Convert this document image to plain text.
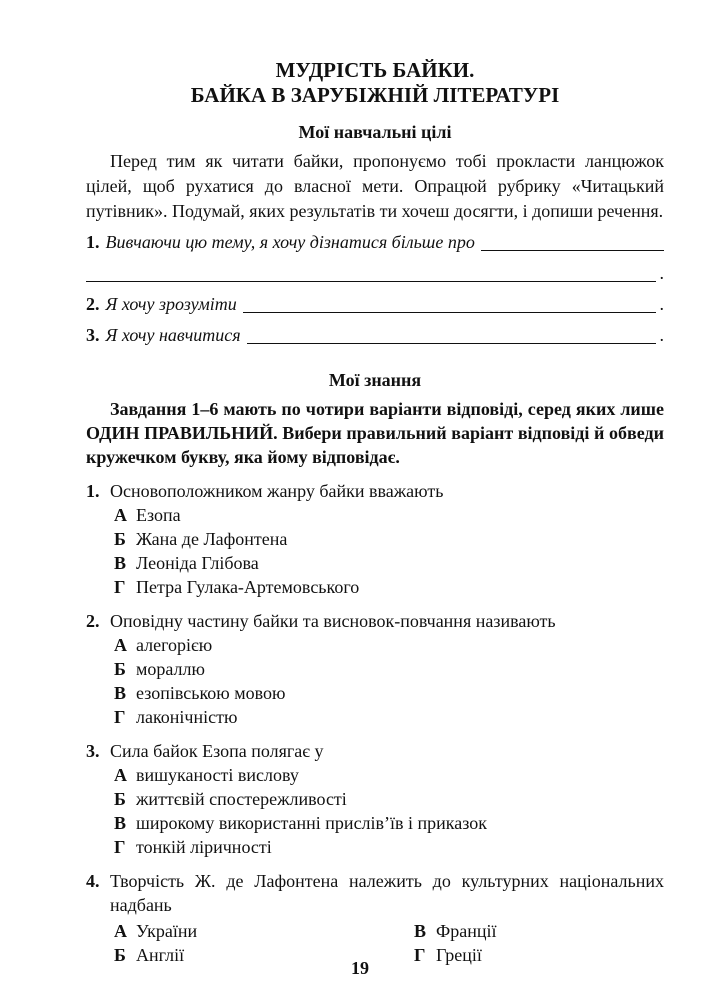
МУДРІСТЬ БАЙКИ.
БАЙКА В ЗАРУБІЖНІЙ ЛІТЕРАТУРІ
Мої навчальні цілі
Перед тим як читати байки, пропонуємо тобі прокласти ланцюжок цілей, щоб рухатися до власної мети. Опрацюй рубрику «Читацький путівник». Подумай, яких результатів ти хочеш досягти, і допиши речення.
1. Вивчаючи цю тему, я хочу дізнатися більше про
.
2. Я хочу зрозуміти	.
3. Я хочу навчитися	.
Мої знання
Завдання 1–6 мають по чотири варіанти відповіді, серед яких лише ОДИН ПРАВИЛЬНИЙ. Вибери правильний варіант відповіді й обведи кружечком букву, яка йому відповідає.
1. Основоположником жанру байки вважають
А Езопа
Б Жана де Лафонтена
В Леоніда Глібова
Г Петра Гулака-Артемовського
2. Оповідну частину байки та висновок-повчання називають
А алегорією
Б мораллю
В езопівською мовою
Г лаконічністю
3. Сила байок Езопа полягає у
А вишуканості вислову
Б життєвій спостережливості
В широкому використанні прислів’їв і приказок
Г тонкій ліричності
4. Творчість Ж. де Лафонтена належить до культурних національних надбань
А України	В Франції
Б Англії	Г Греції
19
